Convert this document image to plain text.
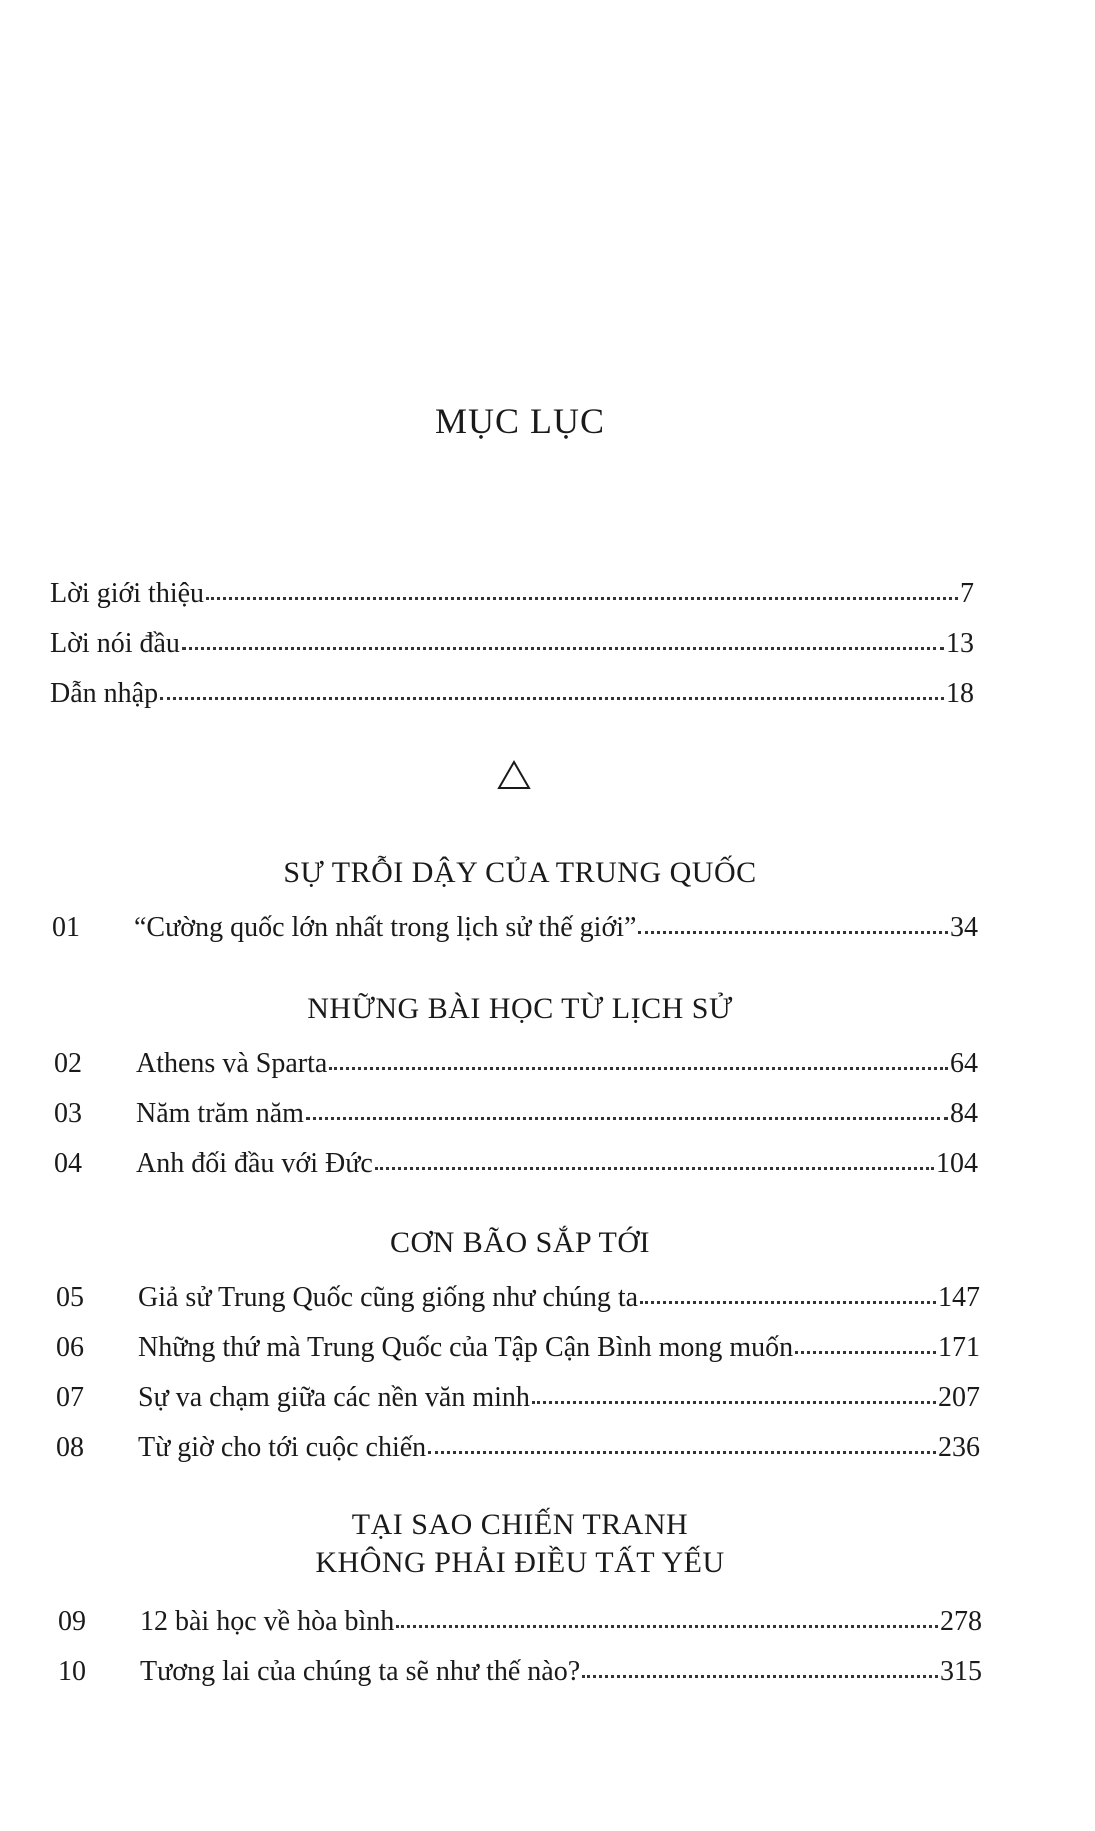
MỤC LỤC
Lời giới thiệu	7
Lời nói đầu	13
Dẫn nhập	18
SỰ TRỖI DẬY CỦA TRUNG QUỐC
01	“Cường quốc lớn nhất trong lịch sử thế giới”	34
NHỮNG BÀI HỌC TỪ LỊCH SỬ
02	Athens và Sparta	64
03	Năm trăm năm	84
04	Anh đối đầu với Đức	104
CƠN BÃO SẮP TỚI
05	Giả sử Trung Quốc cũng giống như chúng ta	147
06	Những thứ mà Trung Quốc của Tập Cận Bình mong muốn	171
07	Sự va chạm giữa các nền văn minh	207
08	Từ giờ cho tới cuộc chiến	236
TẠI SAO CHIẾN TRANH
KHÔNG PHẢI ĐIỀU TẤT YẾU
09	12 bài học về hòa bình	278
10	Tương lai của chúng ta sẽ như thế nào?	315
